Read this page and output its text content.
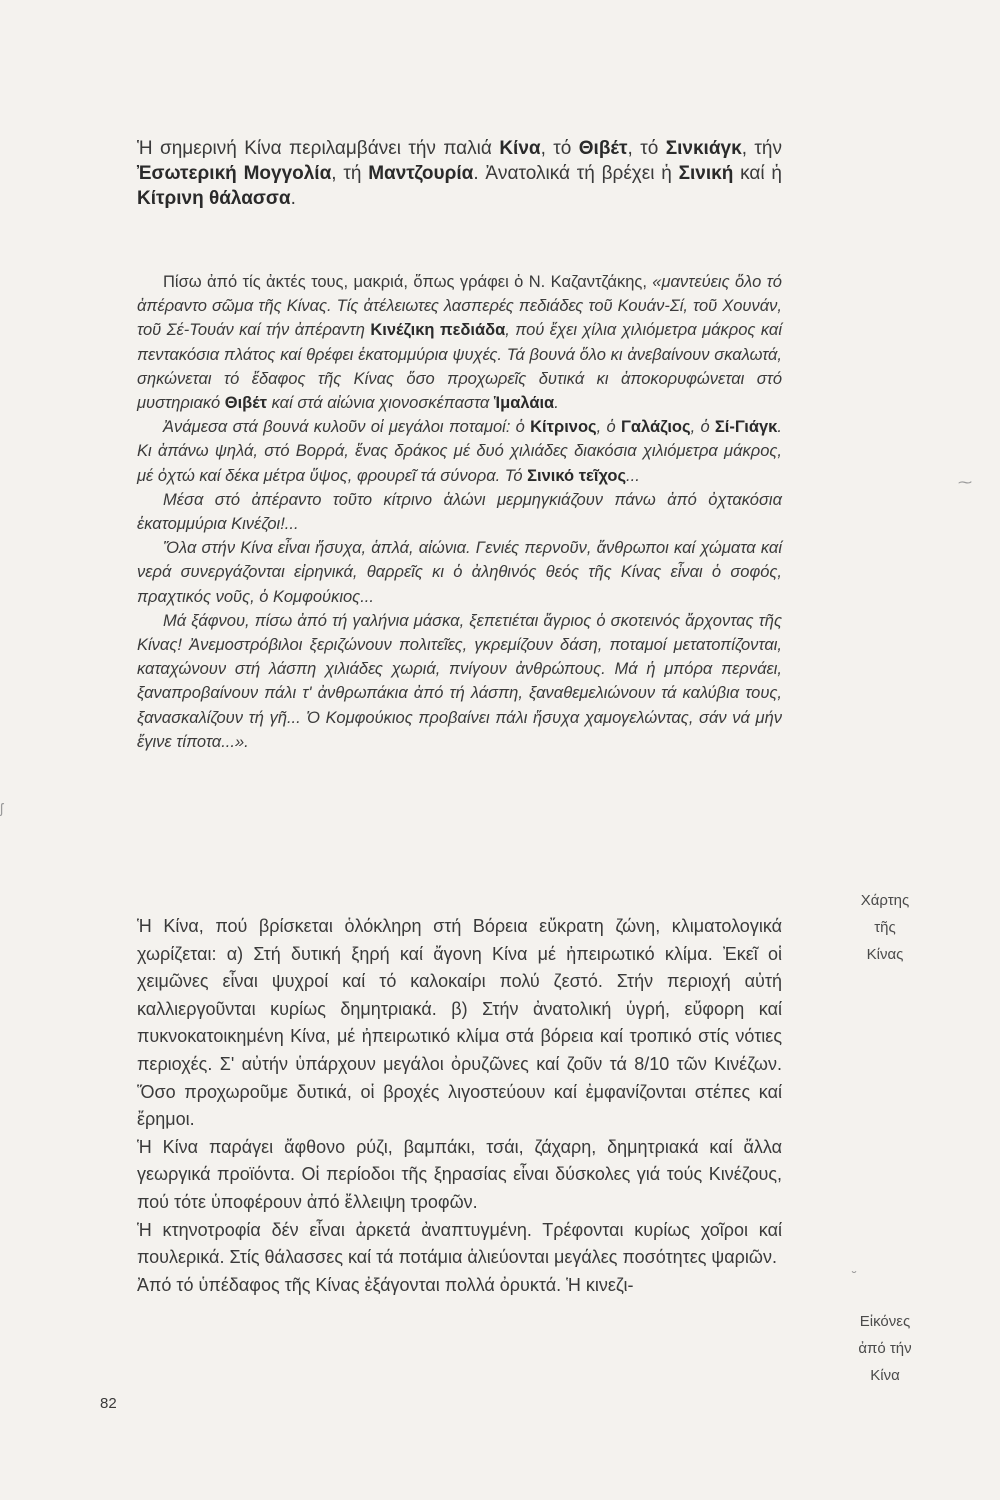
Ἡ σημερινή Κίνα περιλαμβάνει τήν παλιά Κίνα, τό Θιβέτ, τό Σινκιάγκ, τήν Ἐσωτερική Μογγολία, τή Μαντζουρία. Ἀνατολικά τή βρέχει ἡ Σινική καί ἡ Κίτρινη θάλασσα.

Πίσω ἀπό τίς ἀκτές τους, μακριά, ὅπως γράφει ὁ Ν. Καζαντζάκης, «μαντεύεις ὅλο τό ἀπέραντο σῶμα τῆς Κίνας. Τίς ἀτέλειωτες λασπερές πεδιάδες τοῦ Κουάν-Σί, τοῦ Χουνάν, τοῦ Σέ-Τουάν καί τήν ἀπέραντη Κινέζικη πεδιάδα, πού ἔχει χίλια χιλιόμετρα μάκρος καί πεντακόσια πλάτος καί θρέφει ἑκατομμύρια ψυχές. Τά βουνά ὅλο κι ἀνεβαίνουν σκαλωτά, σηκώνεται τό ἔδαφος τῆς Κίνας ὅσο προχωρεῖς δυτικά κι ἀποκορυφώνεται στό μυστηριακό Θιβέτ καί στά αἰώνια χιονοσκέπαστα Ἱμαλάια.

Ἀνάμεσα στά βουνά κυλοῦν οἱ μεγάλοι ποταμοί: ὁ Κίτρινος, ὁ Γαλάζιος, ὁ Σί-Γιάγκ. Κι ἀπάνω ψηλά, στό Βορρά, ἕνας δράκος μέ δυό χιλιάδες διακόσια χιλιόμετρα μάκρος, μέ ὀχτώ καί δέκα μέτρα ὕψος, φρουρεῖ τά σύνορα. Τό Σινικό τεῖχος...

Μέσα στό ἀπέραντο τοῦτο κίτρινο ἁλώνι μερμηγκιάζουν πάνω ἀπό ὀχτακόσια ἑκατομμύρια Κινέζοι!...

Ὅλα στήν Κίνα εἶναι ἥσυχα, ἁπλά, αἰώνια. Γενιές περνοῦν, ἄνθρωποι καί χώματα καί νερά συνεργάζονται εἰρηνικά, θαρρεῖς κι ὁ ἀληθινός θεός τῆς Κίνας εἶναι ὁ σοφός, πραχτικός νοῦς, ὁ Κομφούκιος...

Μά ξάφνου, πίσω ἀπό τή γαλήνια μάσκα, ξεπετιέται ἄγριος ὁ σκοτεινός ἄρχοντας τῆς Κίνας! Ἀνεμοστρόβιλοι ξεριζώνουν πολιτεῖες, γκρεμίζουν δάση, ποταμοί μετατοπίζονται, καταχώνουν στή λάσπη χιλιάδες χωριά, πνίγουν ἀνθρώπους. Μά ἡ μπόρα περνάει, ξαναπροβαίνουν πάλι τ' ἀνθρωπάκια ἀπό τή λάσπη, ξαναθεμελιώνουν τά καλύβια τους, ξανασκαλίζουν τή γῆ... Ὁ Κομφούκιος προβαίνει πάλι ἥσυχα χαμογελώντας, σάν νά μήν ἔγινε τίποτα...».

Ἡ Κίνα, πού βρίσκεται ὁλόκληρη στή Βόρεια εὔκρατη ζώνη, κλιματολογικά χωρίζεται: α) Στή δυτική ξηρή καί ἄγονη Κίνα μέ ἠπειρωτικό κλίμα. Ἐκεῖ οἱ χειμῶνες εἶναι ψυχροί καί τό καλοκαίρι πολύ ζεστό. Στήν περιοχή αὐτή καλλιεργοῦνται κυρίως δημητριακά. β) Στήν ἀνατολική ὑγρή, εὔφορη καί πυκνοκατοικημένη Κίνα, μέ ἠπειρωτικό κλίμα στά βόρεια καί τροπικό στίς νότιες περιοχές. Σ' αὐτήν ὑπάρχουν μεγάλοι ὀρυζῶνες καί ζοῦν τά 8/10 τῶν Κινέζων. Ὅσο προχωροῦμε δυτικά, οἱ βροχές λιγοστεύουν καί ἐμφανίζονται στέπες καί ἔρημοι.

Ἡ Κίνα παράγει ἄφθονο ρύζι, βαμπάκι, τσάι, ζάχαρη, δημητριακά καί ἄλλα γεωργικά προϊόντα. Οἱ περίοδοι τῆς ξηρασίας εἶναι δύσκολες γιά τούς Κινέζους, πού τότε ὑποφέρουν ἀπό ἔλλειψη τροφῶν.

Ἡ κτηνοτροφία δέν εἶναι ἀρκετά ἀναπτυγμένη. Τρέφονται κυρίως χοῖροι καί πουλερικά. Στίς θάλασσες καί τά ποτάμια ἁλιεύονται μεγάλες ποσότητες ψαριῶν.

Ἀπό τό ὑπέδαφος τῆς Κίνας ἐξάγονται πολλά ὀρυκτά. Ἡ κινεζι-

Χάρτης
τῆς
Κίνας
Εἰκόνες
ἀπό τήν
Κίνα
⁓
ʃ
˘
82
